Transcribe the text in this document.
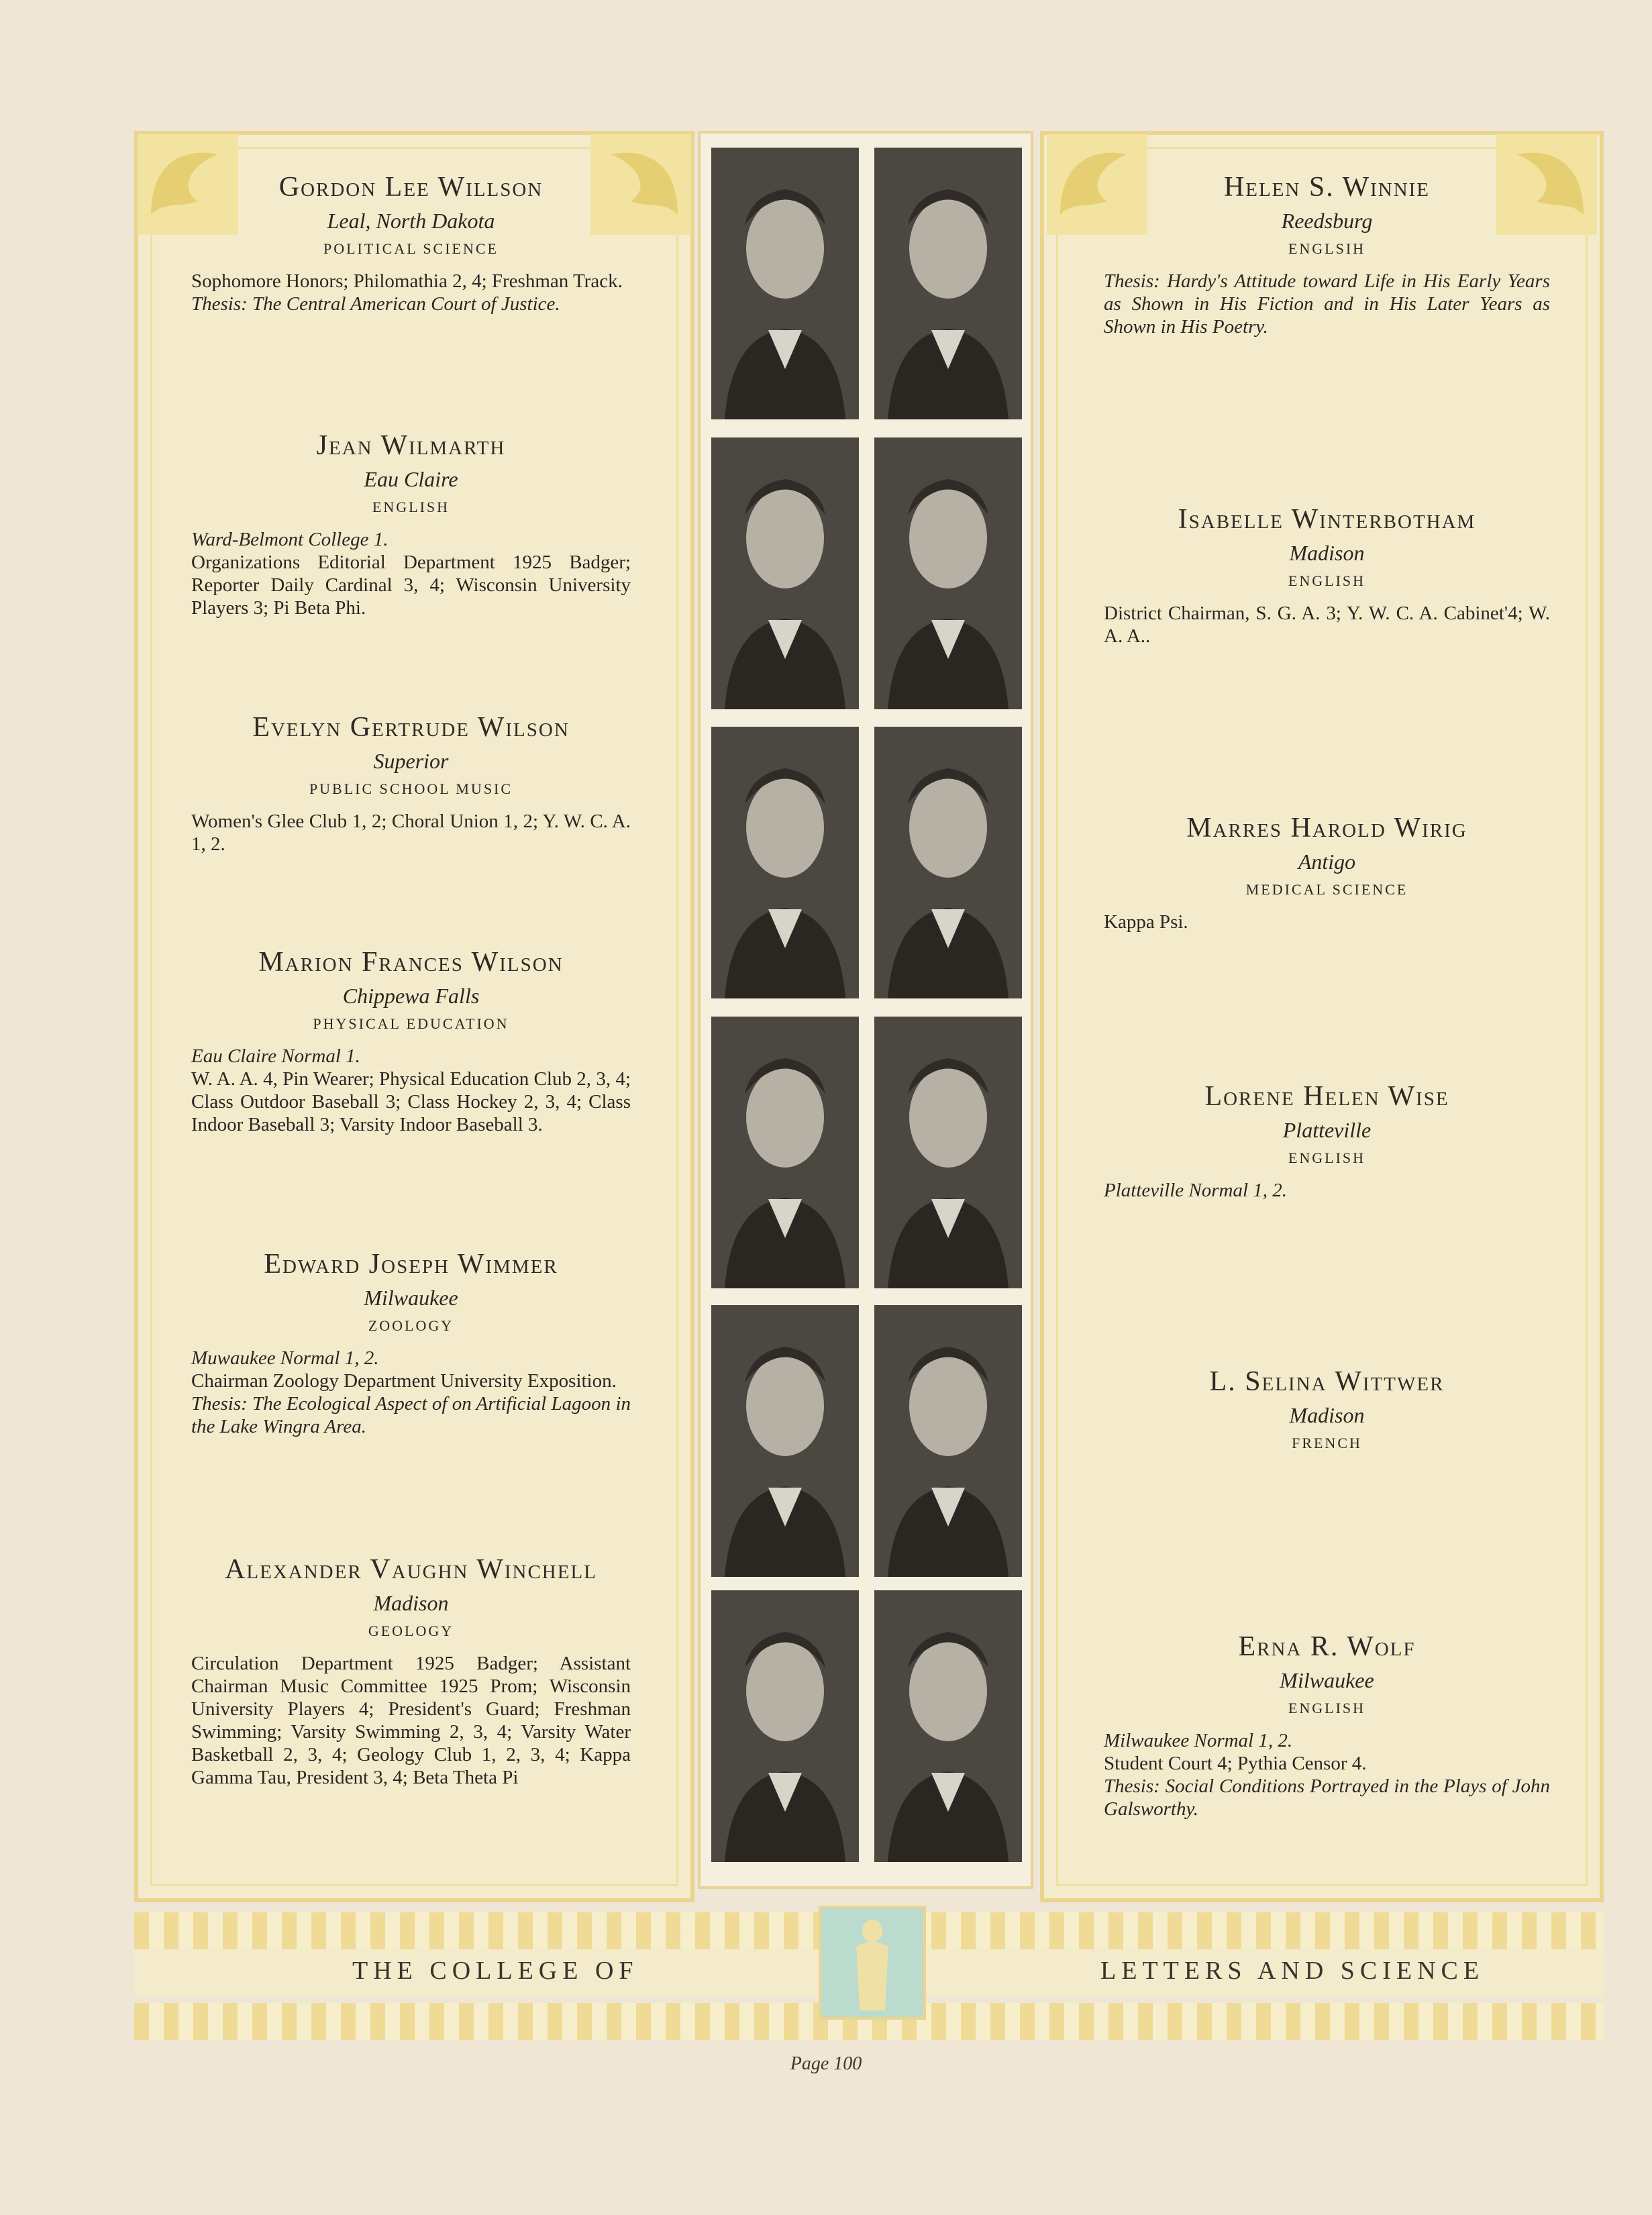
Gordon Lee Willson
Leal, North Dakota
POLITICAL SCIENCE
Sophomore Honors; Philomathia 2, 4; Freshman Track.
Thesis: The Central American Court of Justice.
Jean Wilmarth
Eau Claire
ENGLISH
Ward-Belmont College 1.
Organizations Editorial Department 1925 Badger; Reporter Daily Cardinal 3, 4; Wisconsin University Players 3; Pi Beta Phi.
Evelyn Gertrude Wilson
Superior
PUBLIC SCHOOL MUSIC
Women's Glee Club 1, 2; Choral Union 1, 2; Y. W. C. A. 1, 2.
Marion Frances Wilson
Chippewa Falls
PHYSICAL EDUCATION
Eau Claire Normal 1.
W. A. A. 4, Pin Wearer; Physical Education Club 2, 3, 4; Class Outdoor Baseball 3; Class Hockey 2, 3, 4; Class Indoor Baseball 3; Varsity Indoor Baseball 3.
Edward Joseph Wimmer
Milwaukee
ZOOLOGY
Muwaukee Normal 1, 2.
Chairman Zoology Department University Exposition.
Thesis: The Ecological Aspect of on Artificial Lagoon in the Lake Wingra Area.
Alexander Vaughn Winchell
Madison
GEOLOGY
Circulation Department 1925 Badger; Assistant Chairman Music Committee 1925 Prom; Wisconsin University Players 4; President's Guard; Freshman Swimming; Varsity Swimming 2, 3, 4; Varsity Water Basketball 2, 3, 4; Geology Club 1, 2, 3, 4; Kappa Gamma Tau, President 3, 4; Beta Theta Pi
Helen S. Winnie
Reedsburg
ENGLSIH
Thesis: Hardy's Attitude toward Life in His Early Years as Shown in His Fiction and in His Later Years as Shown in His Poetry.
Isabelle Winterbotham
Madison
ENGLISH
District Chairman, S. G. A. 3; Y. W. C. A. Cabinet'4; W. A. A..
Marres Harold Wirig
Antigo
MEDICAL SCIENCE
Kappa Psi.
Lorene Helen Wise
Platteville
ENGLISH
Platteville Normal 1, 2.
L. Selina Wittwer
Madison
FRENCH
Erna R. Wolf
Milwaukee
ENGLISH
Milwaukee Normal 1, 2.
Student Court 4; Pythia Censor 4.
Thesis: Social Conditions Portrayed in the Plays of John Galsworthy.
THE COLLEGE OF	LETTERS AND SCIENCE
Page 100
